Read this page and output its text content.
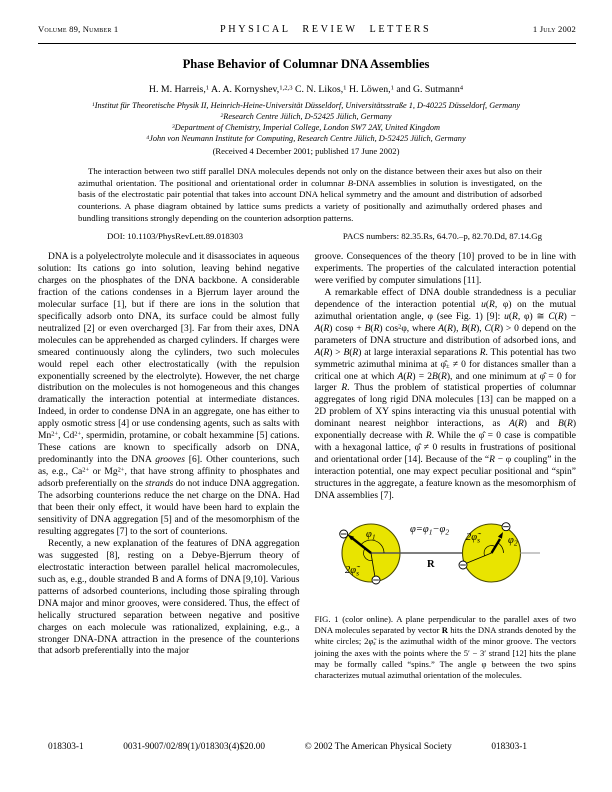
Volume 89, Number 1	PHYSICAL REVIEW LETTERS	1 July 2002
Phase Behavior of Columnar DNA Assemblies
H. M. Harreis,$^1$ A. A. Kornyshev,$^{1,2,3}$ C. N. Likos,$^1$ H. Löwen,$^1$ and G. Sutmann$^4$
$^1$Institut für Theoretische Physik II, Heinrich-Heine-Universität Düsseldorf, Universitätsstraße 1, D-40225 Düsseldorf, Germany
$^2$Research Centre Jülich, D-52425 Jülich, Germany
$^3$Department of Chemistry, Imperial College, London SW7 2AY, United Kingdom
$^4$John von Neumann Institute for Computing, Research Centre Jülich, D-52425 Jülich, Germany
(Received 4 December 2001; published 17 June 2002)
The interaction between two stiff parallel DNA molecules depends not only on the distance between their axes but also on their azimuthal orientation. The positional and orientational order in columnar B-DNA assemblies in solution is investigated, on the basis of the electrostatic pair potential that takes into account DNA helical symmetry and the amount and distribution of adsorbed counterions. A phase diagram obtained by lattice sums predicts a variety of positionally and azimuthally ordered phases and bundling transitions strongly depending on the counterion adsorption patterns.
DOI: 10.1103/PhysRevLett.89.018303	PACS numbers: 82.35.Rs, 64.70.–p, 82.70.Dd, 87.14.Gg

DNA is a polyelectrolyte molecule and it disassociates in aqueous solution: Its cations go into solution, leaving behind negative charges on the phosphates of the DNA backbone. A considerable fraction of the cations condenses in a Bjerrum layer around the molecular surface [1], but if there are ions in the solution that specifically adsorb onto DNA, its surface could be almost fully neutralized [2] or even overcharged [3]. Far from their axes, DNA molecules can be apprehended as charged cylinders. If charges were smeared continuously along the cylinders, two such molecules would repel each other electrostatically (with the repulsion exponentially screened by the electrolyte). However, the net charge distribution on the molecules is not homogeneous and this changes dramatically the interaction potential at intermediate distances. Indeed, in order to condense DNA in an aggregate, one has either to apply osmotic stress [4] or use condensing agents, such as salts with $Mn^{2+}$, $Cd^{2+}$, spermidin, protamine, or cobalt hexammine [5] cations. These cations are known to specifically adsorb on DNA, predominantly into the DNA grooves [6]. Other counterions, such as, e.g., $Ca^{2+}$ or $Mg^{2+}$, that have strong affinity to phosphates and adsorb preferentially on the strands do not induce DNA aggregation. The adsorbing counterions reduce the net charge on the DNA. Had that been their only effect, it would have been hard to explain the sensitivity of DNA aggregation [5] and of the mesomorphism of the resulting aggregates [7] to the sort of counterions.

Recently, a new explanation of the features of DNA aggregation was suggested [8], resting on a Debye-Bjerrum theory of electrostatic interaction between parallel helical macromolecules, such as, e.g., double stranded B and A forms of DNA [9,10]. Various patterns of adsorbed counterions, including those spiraling through DNA major and minor grooves, were considered. Thus, the effect of helically structured separation between negative and positive charges on each molecule was rationalized, explaining, e.g., a stronger DNA-DNA attraction in the presence of the counterions that adsorb preferentially into the major

groove. Consequences of the theory [10] proved to be in line with experiments. The properties of the calculated interaction potential were verified by computer simulations [11].

A remarkable effect of DNA double strandedness is a peculiar dependence of the interaction potential u(R, φ) on the mutual azimuthal orientation angle, φ (see Fig. 1) [9]: u(R, φ) ≅ C(R) − A(R) cosφ + B(R) $\cos^2\varphi$, where A(R), B(R), C(R) > 0 depend on the parameters of DNA structure and distribution of adsorbed ions, and A(R) > B(R) at large interaxial separations R. This potential has two symmetric azimuthal minima at $\varphî_\pm \ne 0$ for distances smaller than a critical one at which A(R) = 2B(R), and one minimum at φ̂ = 0 for larger R. Thus the problem of statistical properties of columnar aggregates of long rigid DNA molecules [13] can be mapped on a 2D problem of XY spins interacting via this unusual potential with dominant nearest neighbor interactions, as A(R) and B(R) exponentially decrease with R. While the φ̂ = 0 case is compatible with a hexagonal lattice, φ̂ ≠ 0 results in frustrations of positional and orientational order [14]. Because of the “R − φ coupling” in the interaction potential, one may expect peculiar positional and “spin” structures in the aggregate, a feature known as the mesomorphism of DNA assemblies [7].

$\varphi=\varphi_1-\varphi_2$
$\varphi_1$	$\varphi_2$
$2\varphĩ_s$
$2\varphĩ_s$
R
FIG. 1 (color online). A plane perpendicular to the parallel axes of two DNA molecules separated by vector R hits the DNA strands denoted by the white circles; $2\varphĩ_s$ is the azimuthal width of the minor groove. The vectors joining the axes with the points where the 5′ − 3′ strand [12] hits the plane may be formally called “spins.” The angle φ between the two spins characterizes mutual azimuthal orientation of the molecules.
018303-1	0031-9007/02/89(1)/018303(4)$20.00	© 2002 The American Physical Society	018303-1
